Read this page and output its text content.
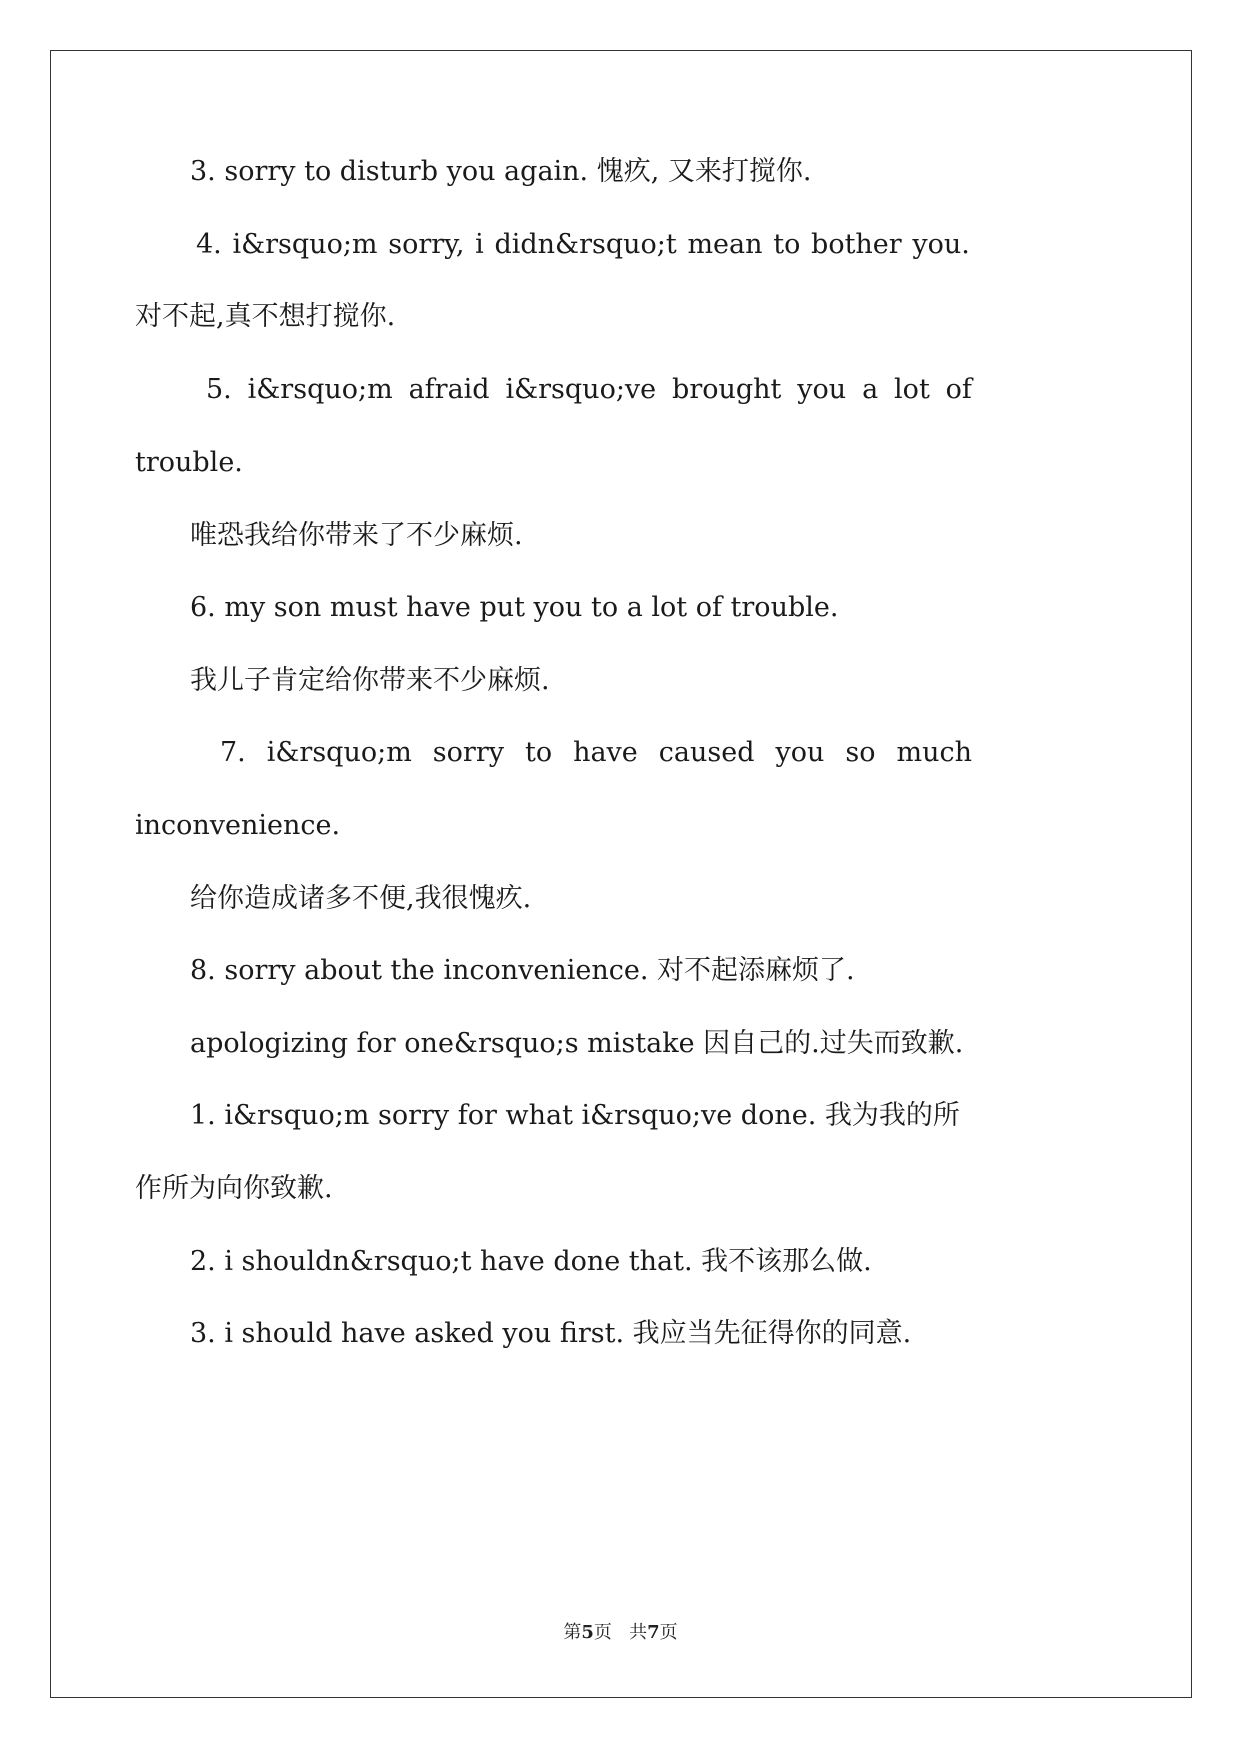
3. sorry to disturb you again. 愧疚, 又来打搅你.
4. i&rsquo;m sorry, i didn&rsquo;t mean to bother you.
对不起,真不想打搅你.
5. i&rsquo;m afraid i&rsquo;ve brought you a lot of
trouble.
唯恐我给你带来了不少麻烦.
6. my son must have put you to a lot of trouble.
我儿子肯定给你带来不少麻烦.
7. i&rsquo;m sorry to have caused you so much
inconvenience.
给你造成诸多不便,我很愧疚.
8. sorry about the inconvenience. 对不起添麻烦了.
apologizing for one&rsquo;s mistake 因自己的.过失而致歉.
1. i&rsquo;m sorry for what i&rsquo;ve done. 我为我的所
作所为向你致歉.
2. i shouldn&rsquo;t have done that. 我不该那么做.
3. i should have asked you first. 我应当先征得你的同意.
第5页   共7页
